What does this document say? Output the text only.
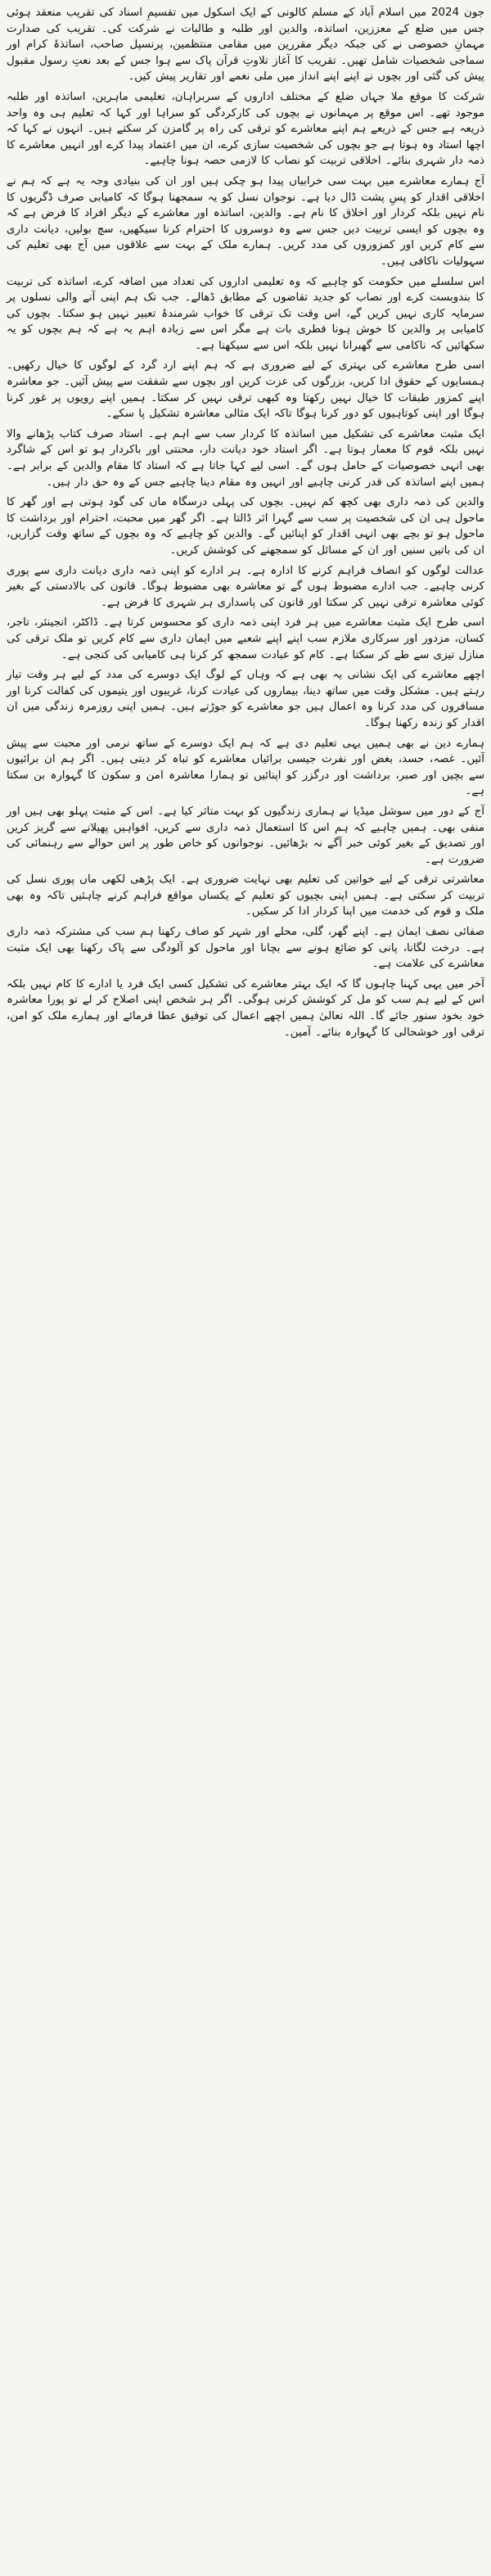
جون 2024 میں اسلام آباد کے مسلم کالونی کے ایک اسکول میں تقسیمِ اسناد کی تقریب منعقد ہوئی جس میں ضلع کے معززین، اساتذہ، والدین اور طلبہ و طالبات نے شرکت کی۔ تقریب کی صدارت مہمانِ خصوصی نے کی جبکہ دیگر مقررین میں مقامی منتظمین، پرنسپل صاحب، اساتذۂ کرام اور سماجی شخصیات شامل تھیں۔ تقریب کا آغاز تلاوتِ قرآن پاک سے ہوا جس کے بعد نعتِ رسول مقبول پیش کی گئی اور بچوں نے اپنے اپنے انداز میں ملی نغمے اور تقاریر پیش کیں۔

شرکت کا موقع ملا جہاں ضلع کے مختلف اداروں کے سربراہان، تعلیمی ماہرین، اساتذہ اور طلبہ موجود تھے۔ اس موقع پر مہمانوں نے بچوں کی کارکردگی کو سراہا اور کہا کہ تعلیم ہی وہ واحد ذریعہ ہے جس کے ذریعے ہم اپنے معاشرے کو ترقی کی راہ پر گامزن کر سکتے ہیں۔ انہوں نے کہا کہ اچھا استاد وہ ہوتا ہے جو بچوں کی شخصیت سازی کرے، ان میں اعتماد پیدا کرے اور انہیں معاشرے کا ذمہ دار شہری بنائے۔ اخلاقی تربیت کو نصاب کا لازمی حصہ ہونا چاہیے۔

آج ہمارے معاشرے میں بہت سی خرابیاں پیدا ہو چکی ہیں اور ان کی بنیادی وجہ یہ ہے کہ ہم نے اخلاقی اقدار کو پسِ پشت ڈال دیا ہے۔ نوجوان نسل کو یہ سمجھنا ہوگا کہ کامیابی صرف ڈگریوں کا نام نہیں بلکہ کردار اور اخلاق کا نام ہے۔ والدین، اساتذہ اور معاشرے کے دیگر افراد کا فرض ہے کہ وہ بچوں کو ایسی تربیت دیں جس سے وہ دوسروں کا احترام کرنا سیکھیں، سچ بولیں، دیانت داری سے کام کریں اور کمزوروں کی مدد کریں۔ ہمارے ملک کے بہت سے علاقوں میں آج بھی تعلیم کی سہولیات ناکافی ہیں۔

اس سلسلے میں حکومت کو چاہیے کہ وہ تعلیمی اداروں کی تعداد میں اضافہ کرے، اساتذہ کی تربیت کا بندوبست کرے اور نصاب کو جدید تقاضوں کے مطابق ڈھالے۔ جب تک ہم اپنی آنے والی نسلوں پر سرمایہ کاری نہیں کریں گے، اس وقت تک ترقی کا خواب شرمندۂ تعبیر نہیں ہو سکتا۔ بچوں کی کامیابی پر والدین کا خوش ہونا فطری بات ہے مگر اس سے زیادہ اہم یہ ہے کہ ہم بچوں کو یہ سکھائیں کہ ناکامی سے گھبرانا نہیں بلکہ اس سے سیکھنا ہے۔

اسی طرح معاشرے کی بہتری کے لیے ضروری ہے کہ ہم اپنے ارد گرد کے لوگوں کا خیال رکھیں۔ ہمسایوں کے حقوق ادا کریں، بزرگوں کی عزت کریں اور بچوں سے شفقت سے پیش آئیں۔ جو معاشرہ اپنے کمزور طبقات کا خیال نہیں رکھتا وہ کبھی ترقی نہیں کر سکتا۔ ہمیں اپنے رویوں پر غور کرنا ہوگا اور اپنی کوتاہیوں کو دور کرنا ہوگا تاکہ ایک مثالی معاشرہ تشکیل پا سکے۔

ایک مثبت معاشرے کی تشکیل میں اساتذہ کا کردار سب سے اہم ہے۔ استاد صرف کتاب پڑھانے والا نہیں بلکہ قوم کا معمار ہوتا ہے۔ اگر استاد خود دیانت دار، محنتی اور باکردار ہو تو اس کے شاگرد بھی انہی خصوصیات کے حامل ہوں گے۔ اسی لیے کہا جاتا ہے کہ استاد کا مقام والدین کے برابر ہے۔ ہمیں اپنے اساتذہ کی قدر کرنی چاہیے اور انہیں وہ مقام دینا چاہیے جس کے وہ حق دار ہیں۔

والدین کی ذمہ داری بھی کچھ کم نہیں۔ بچوں کی پہلی درسگاہ ماں کی گود ہوتی ہے اور گھر کا ماحول ہی ان کی شخصیت پر سب سے گہرا اثر ڈالتا ہے۔ اگر گھر میں محبت، احترام اور برداشت کا ماحول ہو تو بچے بھی انہی اقدار کو اپنائیں گے۔ والدین کو چاہیے کہ وہ بچوں کے ساتھ وقت گزاریں، ان کی باتیں سنیں اور ان کے مسائل کو سمجھنے کی کوشش کریں۔

عدالت لوگوں کو انصاف فراہم کرنے کا ادارہ ہے۔ ہر ادارے کو اپنی ذمہ داری دیانت داری سے پوری کرنی چاہیے۔ جب ادارے مضبوط ہوں گے تو معاشرہ بھی مضبوط ہوگا۔ قانون کی بالادستی کے بغیر کوئی معاشرہ ترقی نہیں کر سکتا اور قانون کی پاسداری ہر شہری کا فرض ہے۔

اسی طرح ایک مثبت معاشرے میں ہر فرد اپنی ذمہ داری کو محسوس کرتا ہے۔ ڈاکٹر، انجینئر، تاجر، کسان، مزدور اور سرکاری ملازم سب اپنے اپنے شعبے میں ایمان داری سے کام کریں تو ملک ترقی کی منازل تیزی سے طے کر سکتا ہے۔ کام کو عبادت سمجھ کر کرنا ہی کامیابی کی کنجی ہے۔

اچھے معاشرے کی ایک نشانی یہ بھی ہے کہ وہاں کے لوگ ایک دوسرے کی مدد کے لیے ہر وقت تیار رہتے ہیں۔ مشکل وقت میں ساتھ دینا، بیماروں کی عیادت کرنا، غریبوں اور یتیموں کی کفالت کرنا اور مسافروں کی مدد کرنا وہ اعمال ہیں جو معاشرے کو جوڑتے ہیں۔ ہمیں اپنی روزمرہ زندگی میں ان اقدار کو زندہ رکھنا ہوگا۔

ہمارے دین نے بھی ہمیں یہی تعلیم دی ہے کہ ہم ایک دوسرے کے ساتھ نرمی اور محبت سے پیش آئیں۔ غصہ، حسد، بغض اور نفرت جیسی برائیاں معاشرے کو تباہ کر دیتی ہیں۔ اگر ہم ان برائیوں سے بچیں اور صبر، برداشت اور درگزر کو اپنائیں تو ہمارا معاشرہ امن و سکون کا گہوارہ بن سکتا ہے۔

آج کے دور میں سوشل میڈیا نے ہماری زندگیوں کو بہت متاثر کیا ہے۔ اس کے مثبت پہلو بھی ہیں اور منفی بھی۔ ہمیں چاہیے کہ ہم اس کا استعمال ذمہ داری سے کریں، افواہیں پھیلانے سے گریز کریں اور تصدیق کے بغیر کوئی خبر آگے نہ بڑھائیں۔ نوجوانوں کو خاص طور پر اس حوالے سے رہنمائی کی ضرورت ہے۔

معاشرتی ترقی کے لیے خواتین کی تعلیم بھی نہایت ضروری ہے۔ ایک پڑھی لکھی ماں پوری نسل کی تربیت کر سکتی ہے۔ ہمیں اپنی بچیوں کو تعلیم کے یکساں مواقع فراہم کرنے چاہئیں تاکہ وہ بھی ملک و قوم کی خدمت میں اپنا کردار ادا کر سکیں۔

صفائی نصف ایمان ہے۔ اپنے گھر، گلی، محلے اور شہر کو صاف رکھنا ہم سب کی مشترکہ ذمہ داری ہے۔ درخت لگانا، پانی کو ضائع ہونے سے بچانا اور ماحول کو آلودگی سے پاک رکھنا بھی ایک مثبت معاشرے کی علامت ہے۔

آخر میں یہی کہنا چاہوں گا کہ ایک بہتر معاشرے کی تشکیل کسی ایک فرد یا ادارے کا کام نہیں بلکہ اس کے لیے ہم سب کو مل کر کوشش کرنی ہوگی۔ اگر ہر شخص اپنی اصلاح کر لے تو پورا معاشرہ خود بخود سنور جائے گا۔ اللہ تعالیٰ ہمیں اچھے اعمال کی توفیق عطا فرمائے اور ہمارے ملک کو امن، ترقی اور خوشحالی کا گہوارہ بنائے۔ آمین۔
